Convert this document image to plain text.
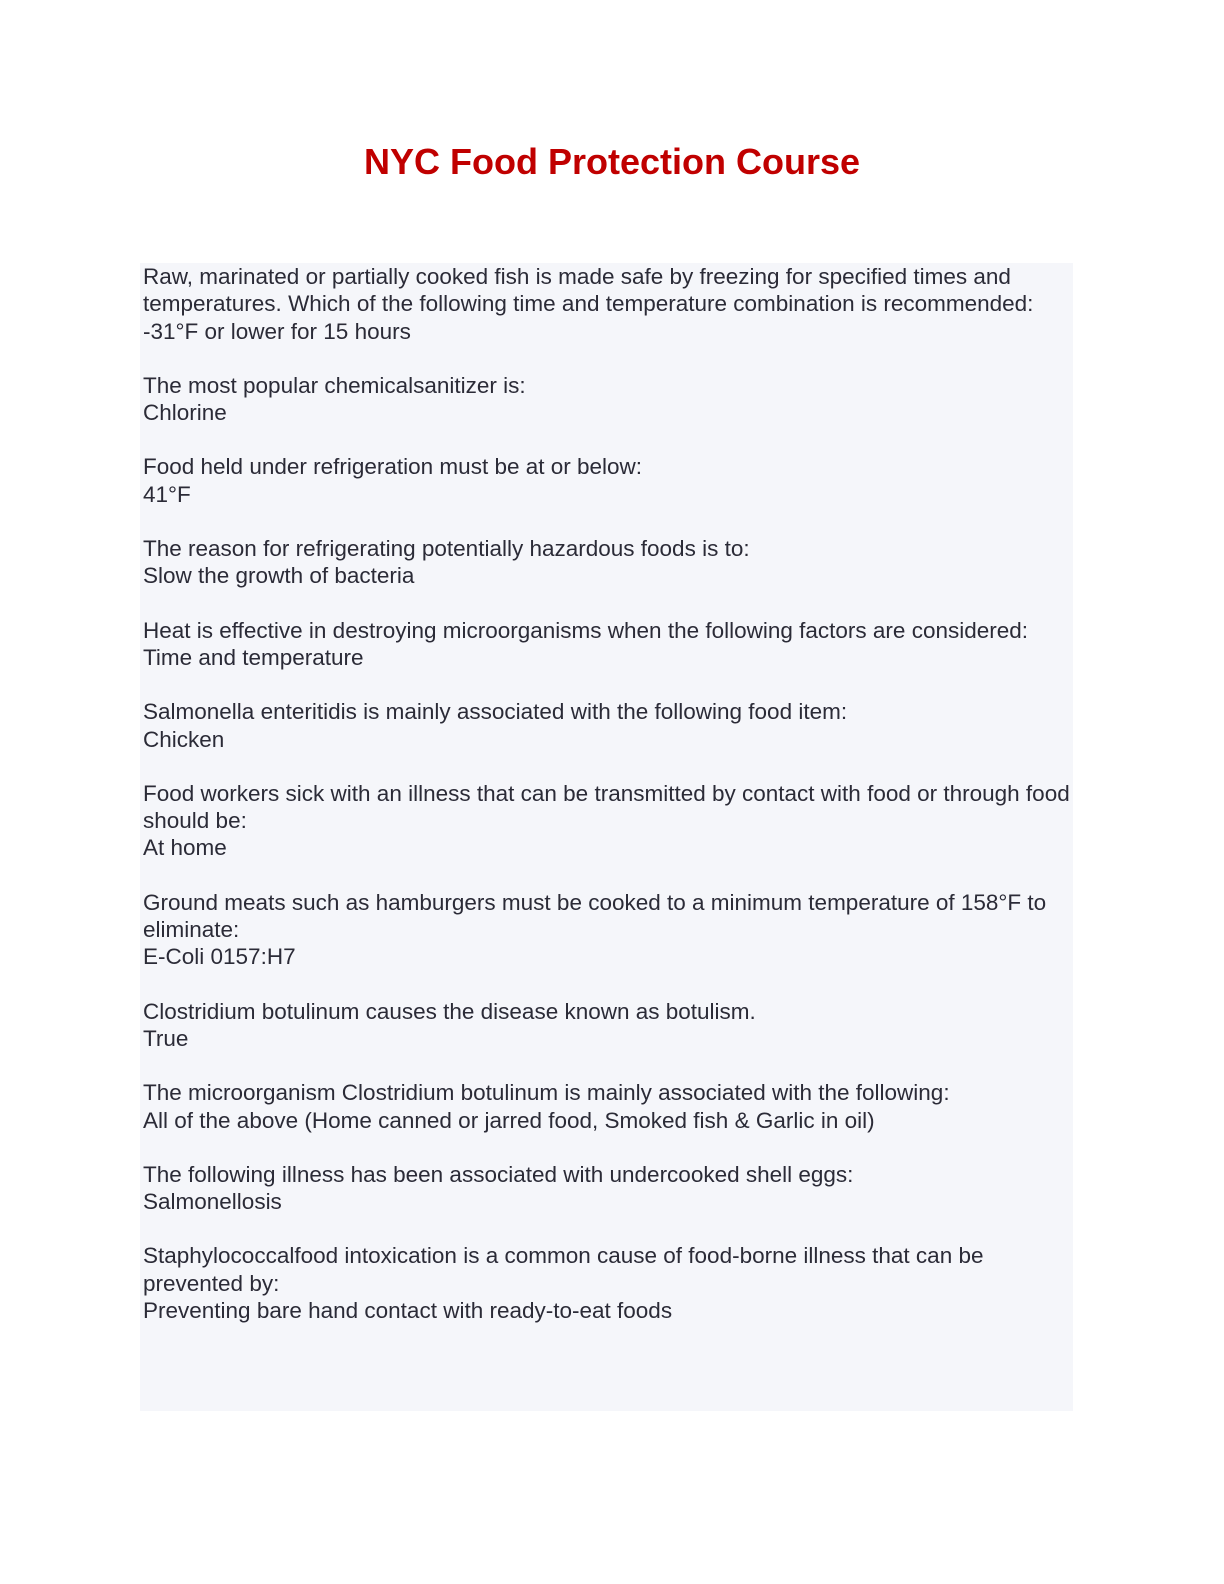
NYC Food Protection Course
Raw, marinated or partially cooked fish is made safe by freezing for specified times and temperatures. Which of the following time and temperature combination is recommended:
-31°F or lower for 15 hours
The most popular chemicalsanitizer is:
Chlorine
Food held under refrigeration must be at or below:
41°F
The reason for refrigerating potentially hazardous foods is to:
Slow the growth of bacteria
Heat is effective in destroying microorganisms when the following factors are considered:
Time and temperature
Salmonella enteritidis is mainly associated with the following food item:
Chicken
Food workers sick with an illness that can be transmitted by contact with food or through food should be:
At home
Ground meats such as hamburgers must be cooked to a minimum temperature of 158°F to eliminate:
E-Coli 0157:H7
Clostridium botulinum causes the disease known as botulism.
True
The microorganism Clostridium botulinum is mainly associated with the following:
All of the above (Home canned or jarred food, Smoked fish & Garlic in oil)
The following illness has been associated with undercooked shell eggs:
Salmonellosis
Staphylococcalfood intoxication is a common cause of food-borne illness that can be prevented by:
Preventing bare hand contact with ready-to-eat foods
